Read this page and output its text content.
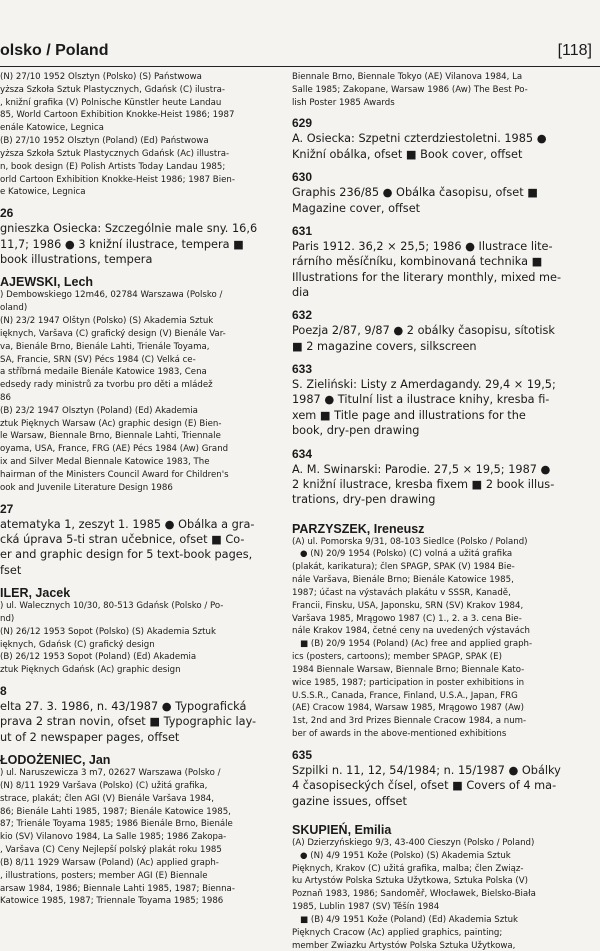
olsko / Poland	[118]
(N) 27/10 1952 Olsztyn (Polsko) (S) Państwowa
yższa Szkoła Sztuk Plastycznych, Gdańsk (C) ilustra-
, knižní grafika (V) Polnische Künstler heute Landau
85, World Cartoon Exhibition Knokke-Heist 1986; 1987
enále Katowice, Legnica
(B) 27/10 1952 Olsztyn (Poland) (Ed) Państwowa
yższa Szkoła Sztuk Plastycznych Gdańsk (Ac) illustra-
n, book design (E) Polish Artists Today Landau 1985;
orld Cartoon Exhibition Knokke-Heist 1986; 1987 Bien-
e Katowice, Legnica
26
gnieszka Osiecka: Szczególnie male sny. 16,6
11,7; 1986 ● 3 knižní ilustrace, tempera ■
book illustrations, tempera
AJEWSKI, Lech
) Dembowskiego 12m46, 02784 Warszawa (Polsko /
oland)
(N) 23/2 1947 Olštyn (Polsko) (S) Akademia Sztuk
ięknych, Varšava (C) grafický design (V) Bienále Var-
va, Bienále Brno, Bienále Lahti, Trienále Toyama,
SA, Francie, SRN (SV) Pécs 1984 (C) Velká ce-
a stříbrná medaile Bienále Katowice 1983, Cena
edsedy rady ministrů za tvorbu pro děti a mládež
86
(B) 23/2 1947 Olsztyn (Poland) (Ed) Akademia
ztuk Pięknych Warsaw (Ac) graphic design (E) Bien-
le Warsaw, Biennale Brno, Biennale Lahti, Triennale
oyama, USA, France, FRG (AE) Pécs 1984 (Aw) Grand
ix and Silver Medal Biennale Katowice 1983, The
hairman of the Ministers Council Award for Children's
ook and Juvenile Literature Design 1986
27
atematyka 1, zeszyt 1. 1985 ● Obálka a gra-
cká úprava 5-ti stran učebnice, ofset ■ Co-
er and graphic design for 5 text-book pages,
fset
ILER, Jacek
) ul. Walecznych 10/30, 80-513 Gdańsk (Polsko / Po-
nd)
(N) 26/12 1953 Sopot (Polsko) (S) Akademia Sztuk
ięknych, Gdańsk (C) grafický design
(B) 26/12 1953 Sopot (Poland) (Ed) Akademia
ztuk Pięknych Gdańsk (Ac) graphic design
8
elta 27. 3. 1986, n. 43/1987 ● Typografická
prava 2 stran novin, ofset ■ Typographic lay-
ut of 2 newspaper pages, offset
ŁODOŻENIEC, Jan
) ul. Naruszewicza 3 m7, 02627 Warszawa (Polsko /
(N) 8/11 1929 Varšava (Polsko) (C) užitá grafika,
strace, plakát; člen AGI (V) Bienále Varšava 1984,
86; Bienále Lahti 1985, 1987; Bienále Katowice 1985,
87; Trienále Toyama 1985; 1986 Bienále Brno, Bienále
kio (SV) Vilanovo 1984, La Salle 1985; 1986 Zakopa-
, Varšava (C) Ceny Nejlepší polský plakát roku 1985
(B) 8/11 1929 Warsaw (Poland) (Ac) applied graph-
, illustrations, posters; member AGI (E) Biennale
arsaw 1984, 1986; Biennale Lahti 1985, 1987; Bienna-
Katowice 1985, 1987; Triennale Toyama 1985; 1986
Biennale Brno, Biennale Tokyo (AE) Vilanova 1984, La
Salle 1985; Zakopane, Warsaw 1986 (Aw) The Best Po-
lish Poster 1985 Awards
629
A. Osiecka: Szpetni czterdziestoletni. 1985 ●
Knižní obálka, ofset ■ Book cover, offset
630
Graphis 236/85 ● Obálka časopisu, ofset ■
Magazine cover, offset
631
Paris 1912. 36,2 × 25,5; 1986 ● Ilustrace lite-
rárního měsíčníku, kombinovaná technika ■
Illustrations for the literary monthly, mixed me-
dia
632
Poezja 2/87, 9/87 ● 2 obálky časopisu, sítotisk
■ 2 magazine covers, silkscreen
633
S. Zieliński: Listy z Amerdagandy. 29,4 × 19,5;
1987 ● Titulní list a ilustrace knihy, kresba fi-
xem ■ Title page and illustrations for the
book, dry-pen drawing
634
A. M. Swinarski: Parodie. 27,5 × 19,5; 1987 ●
2 knižní ilustrace, kresba fixem ■ 2 book illus-
trations, dry-pen drawing
PARZYSZEK, Ireneusz
(A) ul. Pomorska 9/31, 08-103 Siedlce (Polsko / Poland)
● (N) 20/9 1954 (Polsko) (C) volná a užitá grafika
(plakát, karikatura); člen SPAGP, SPAK (V) 1984 Bie-
nále Varšava, Bienále Brno; Bienále Katowice 1985,
1987; účast na výstavách plakátu v SSSR, Kanadě,
Francii, Finsku, USA, Japonsku, SRN (SV) Krakov 1984,
Varšava 1985, Mrągowo 1987 (C) 1., 2. a 3. cena Bie-
nále Krakov 1984, četné ceny na uvedených výstavách
■ (B) 20/9 1954 (Poland) (Ac) free and applied graph-
ics (posters, cartoons); member SPAGP, SPAK (E)
1984 Biennale Warsaw, Biennale Brno; Biennale Kato-
wice 1985, 1987; participation in poster exhibitions in
U.S.S.R., Canada, France, Finland, U.S.A., Japan, FRG
(AE) Cracow 1984, Warsaw 1985, Mrągowo 1987 (Aw)
1st, 2nd and 3rd Prizes Biennale Cracow 1984, a num-
ber of awards in the above-mentioned exhibitions
635
Szpilki n. 11, 12, 54/1984; n. 15/1987 ● Obálky
4 časopiseckých čísel, ofset ■ Covers of 4 ma-
gazine issues, offset
SKUPIEŃ, Emilia
(A) Dzierzyńskiego 9/3, 43-400 Cieszyn (Polsko / Poland)
● (N) 4/9 1951 Kože (Polsko) (S) Akademia Sztuk
Pięknych, Krakov (C) užitá grafika, malba; člen Związ-
ku Artystów Polska Sztuka Užytkowa, Sztuka Polska (V)
Poznaň 1983, 1986; Sandoměř, Włocławek, Bielsko-Biała
1985, Lublin 1987 (SV) Těšín 1984
■ (B) 4/9 1951 Kože (Poland) (Ed) Akademia Sztuk
Pięknych Cracow (Ac) applied graphics, painting;
member Zwiazku Artystów Polska Sztuka Užytkowa,
